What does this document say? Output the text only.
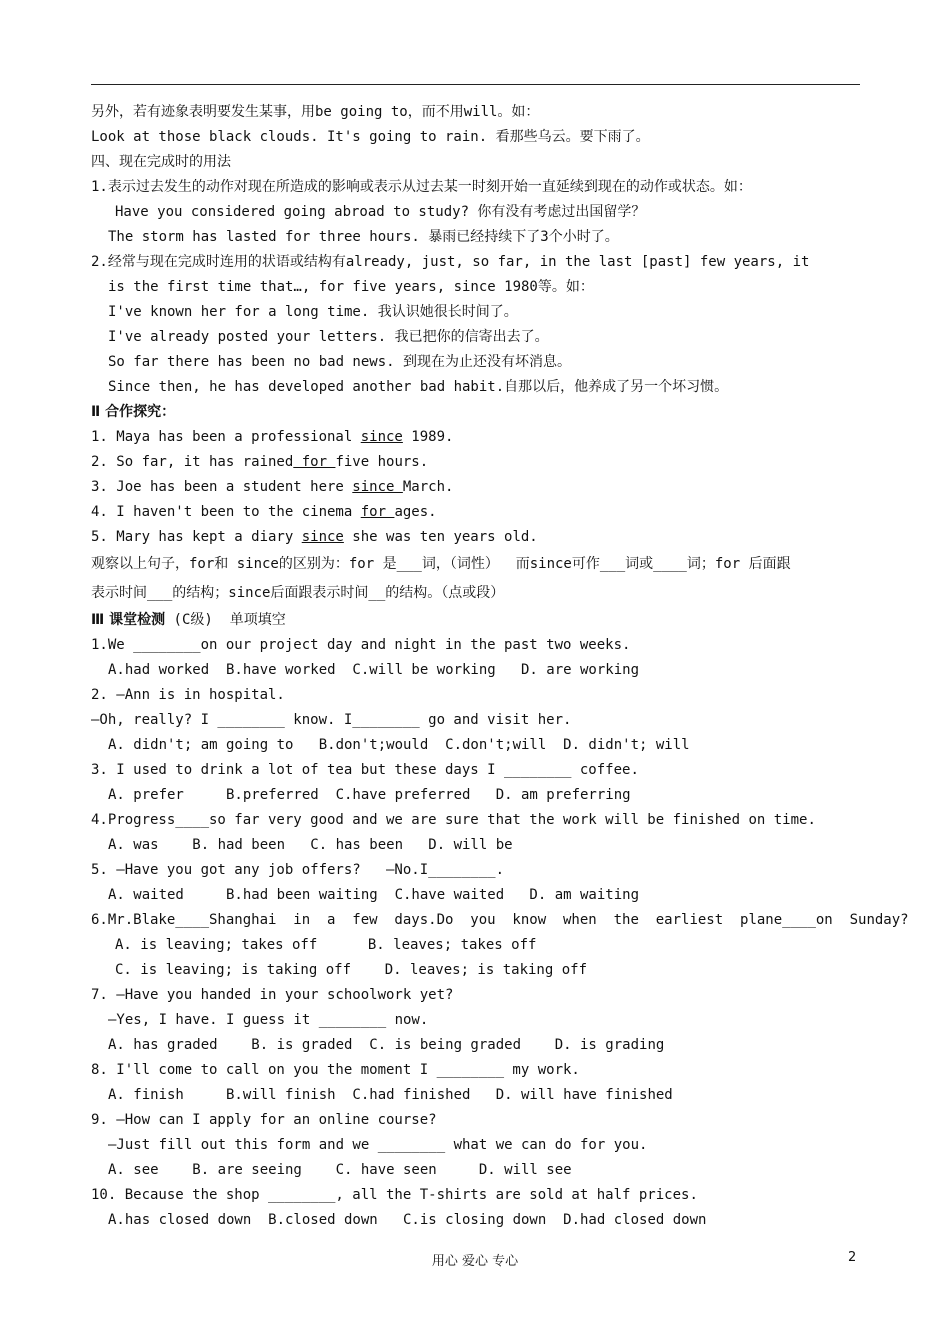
另外，若有迹象表明要发生某事，用be going to，而不用will。如：
Look at those black clouds. It's going to rain. 看那些乌云。要下雨了。
四、现在完成时的用法
1.表示过去发生的动作对现在所造成的影响或表示从过去某一时刻开始一直延续到现在的动作或状态。如：
Have you considered going abroad to study? 你有没有考虑过出国留学？
The storm has lasted for three hours. 暴雨已经持续下了3个小时了。
2.经常与现在完成时连用的状语或结构有already, just, so far, in the last [past] few years, it
is the first time that…, for five years, since 1980等。如：
I've known her for a long time. 我认识她很长时间了。
I've already posted your letters. 我已把你的信寄出去了。
So far there has been no bad news. 到现在为止还没有坏消息。
Since then, he has developed another bad habit.自那以后，他养成了另一个坏习惯。
Ⅱ 合作探究：
1. Maya has been a professional since 1989.
2. So far, it has rained for five hours.
3. Joe has been a student here since March.
4. I haven't been to the cinema for ages.
5. Mary has kept a diary since she was ten years old.
观察以上句子，for和 since的区别为：for 是___词，（词性）  而since可作___词或____词；for 后面跟
表示时间___的结构；since后面跟表示时间__的结构。（点或段）
Ⅲ 课堂检测 (C级)  单项填空
1.We ________on our project day and night in the past two weeks.
A.had worked  B.have worked  C.will be working   D. are working
2. —Ann is in hospital.
—Oh, really? I ________ know. I________ go and visit her.
A. didn't; am going to   B.don't;would  C.don't;will  D. didn't; will
3. I used to drink a lot of tea but these days I ________ coffee.
A. prefer     B.preferred  C.have preferred   D. am preferring
4.Progress____so far very good and we are sure that the work will be finished on time.
A. was    B. had been   C. has been   D. will be
5. —Have you got any job offers?   —No.I________.
A. waited     B.had been waiting  C.have waited   D. am waiting
6.Mr.Blake____Shanghai  in  a  few  days.Do  you  know  when  the  earliest  plane____on  Sunday?
A. is leaving; takes off      B. leaves; takes off
C. is leaving; is taking off    D. leaves; is taking off
7. —Have you handed in your schoolwork yet?
—Yes, I have. I guess it ________ now.
A. has graded    B. is graded  C. is being graded    D. is grading
8. I'll come to call on you the moment I ________ my work.
A. finish     B.will finish  C.had finished   D. will have finished
9. —How can I apply for an online course?
—Just fill out this form and we ________ what we can do for you.
A. see    B. are seeing    C. have seen     D. will see
10. Because the shop ________, all the T-shirts are sold at half prices.
A.has closed down  B.closed down   C.is closing down  D.had closed down
用心 爱心 专心	2
